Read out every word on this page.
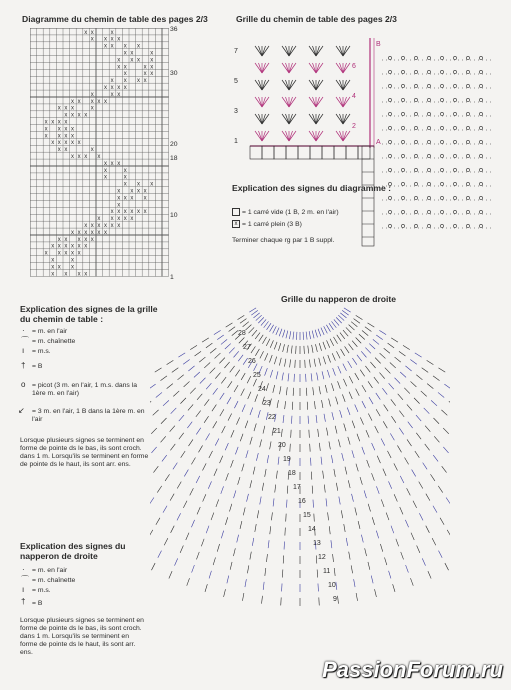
Diagramme du chemin de table des pages 2/3	Grille du chemin de table des pages 2/3
x x	x
x x x x
x x x x
x x	x
x x x x
x x	x x
x	x x
x x x x
x x x x
x	x x
x x x x x
x x x	x
x x x x
x x x x
x x x x
x x x x
x x x x x
x x	x
x x x x
x x x
x	x
x	x
x x x
x x x x
x x x x
x
x x x x x x
x x x x x
x x x x x x
x x x x x x
x x x x x
x x x x x x
x x x x x
x	x
x x x
x x x x
36
30
20
18
10
1
7
6
5
4
3
2
1
B
A
Explication des signes du diagramme :
= 1 carré vide (1 B, 2 m. en l'air)
x = 1 carré plein (3 B)
Terminer chaque rg par 1 B suppl.
Explication des signes de la grille du chemin de table :
· = m. en l'air
⌒ = m. chaînette
ı = m.s.
† = B
o = picot (3 m. en l'air, 1 m.s. dans la 1ère m. en l'air)
↙ = 3 m. en l'air, 1 B dans la 1ère m. en l'air
Lorsque plusieurs signes se terminent en forme de pointe ds le bas, ils sont croch. dans 1 m. Lorsqu'ils se terminent en forme de pointe ds le haut, ils sont arr. ens.
Explication des signes du napperon de droite
· = m. en l'air
⌒ = m. chaînette
ı = m.s.
† = B
Lorsque plusieurs signes se terminent en forme de pointe ds le bas, ils sont croch. dans 1 m. Lorsqu'ils se terminent en forme de pointe ds le haut, ils sont arr. ens.
Grille du napperon de droite
28
27
26
25
24
23
22
21
20
19
18
17
16
15
14
13
12
11
10
9
PassionForum.ru
